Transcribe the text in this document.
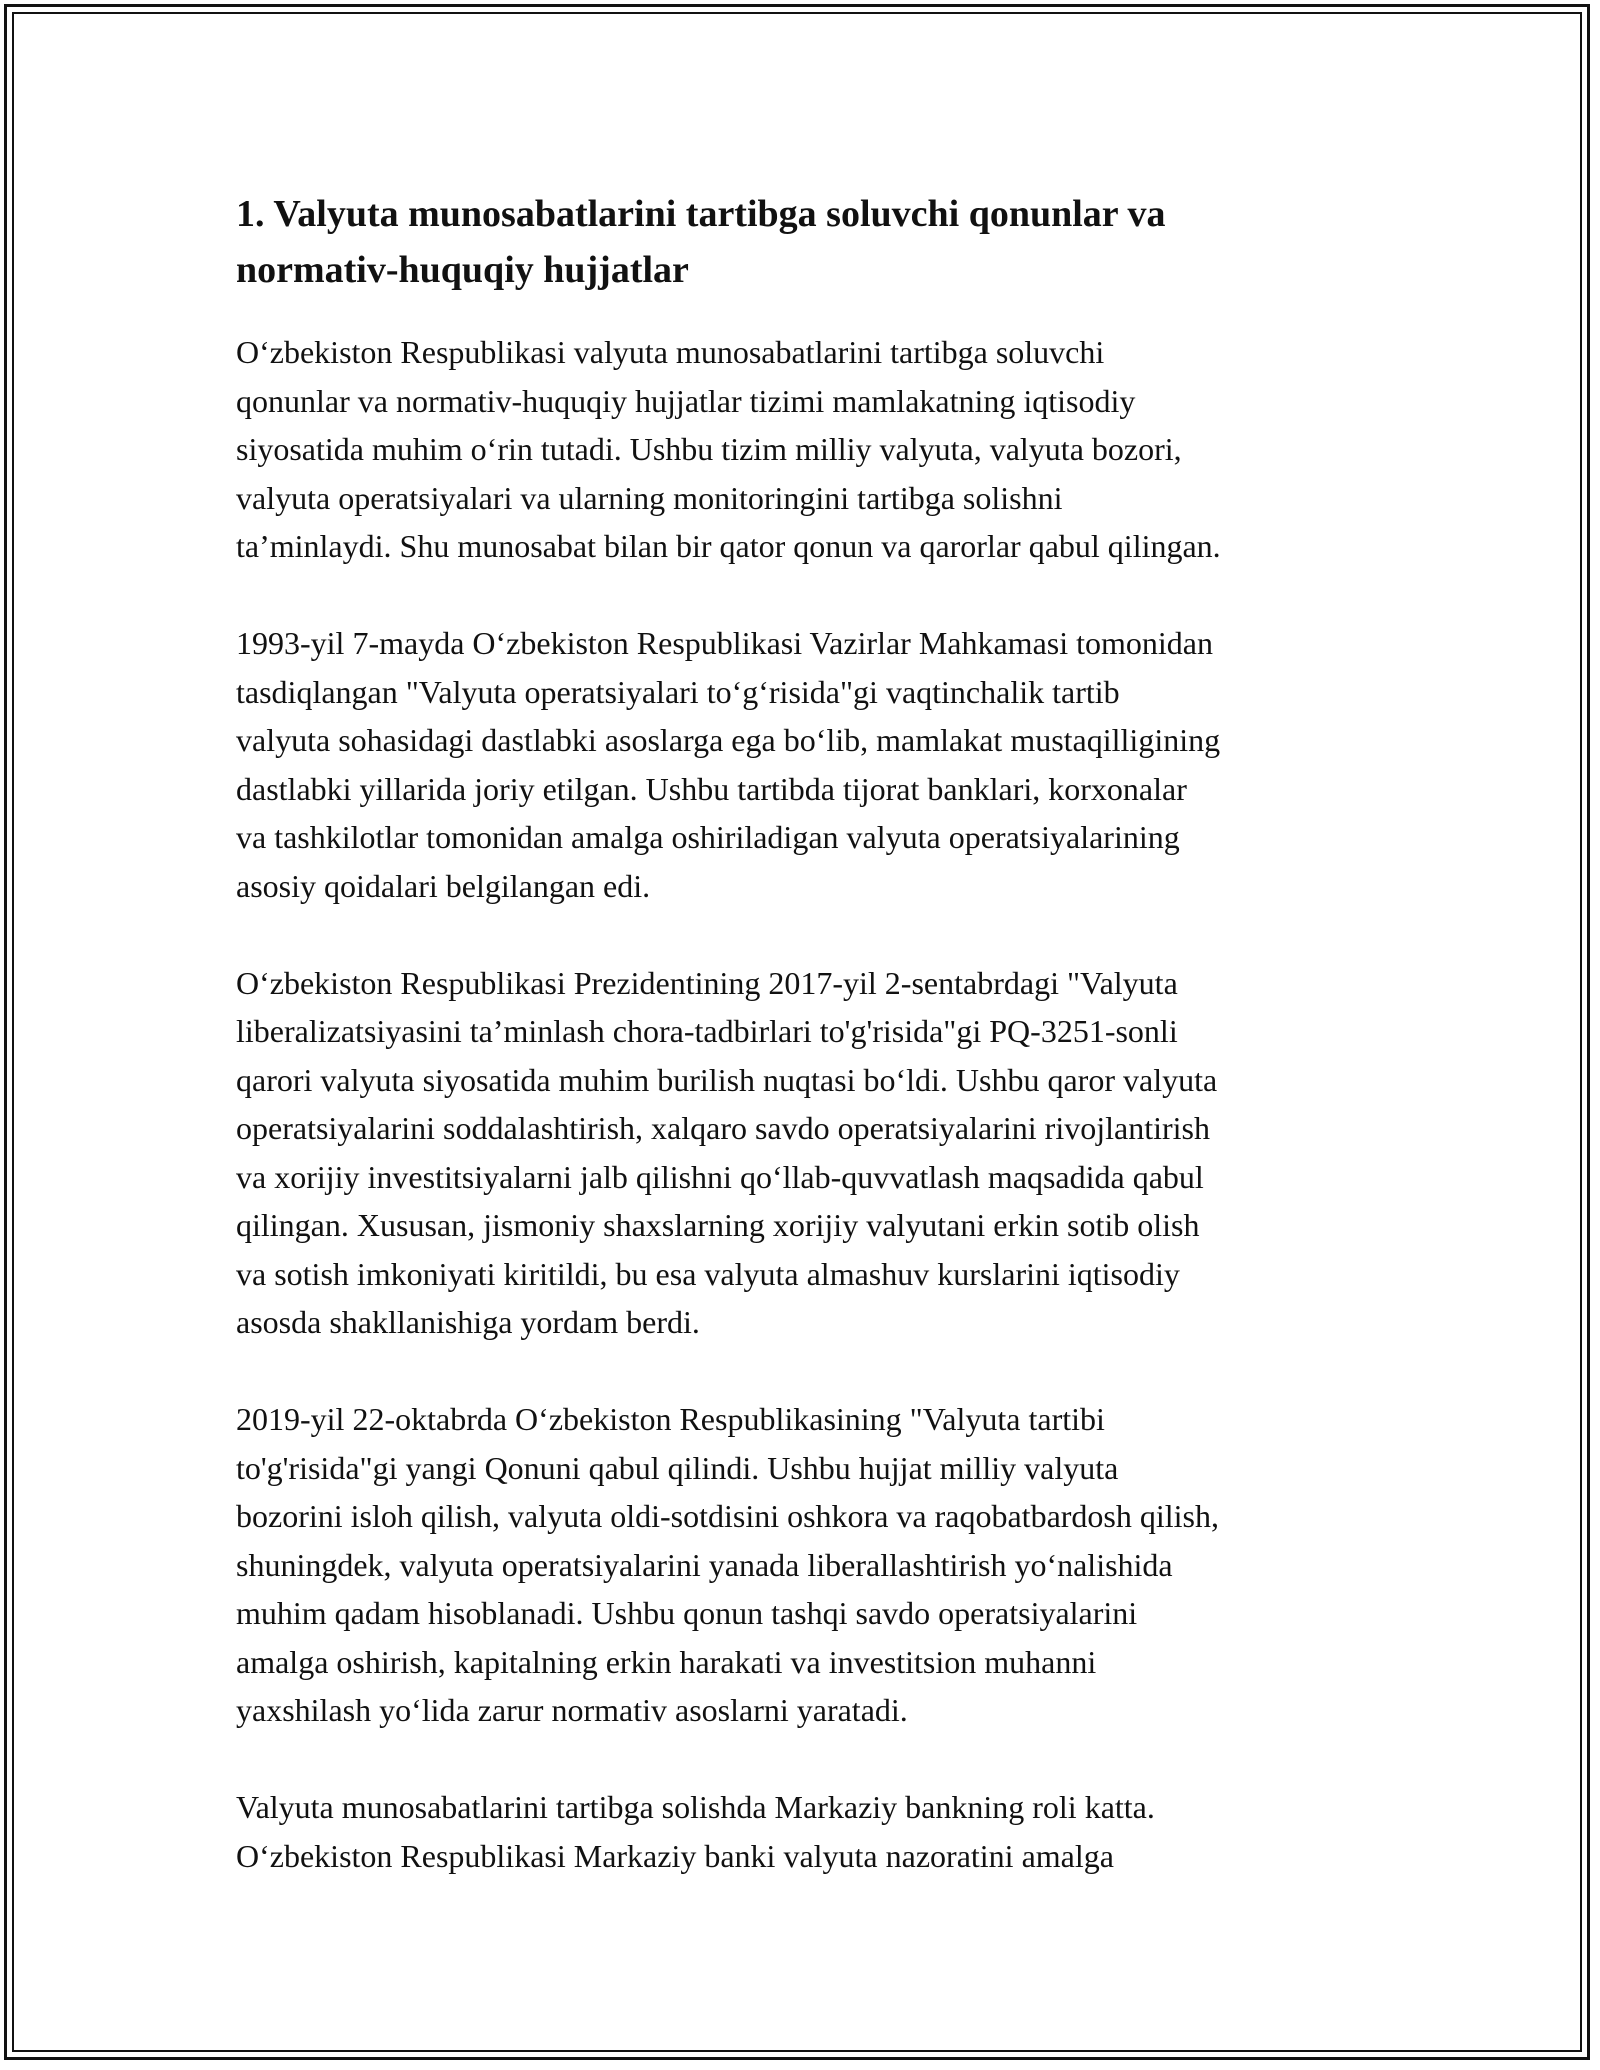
1. Valyuta munosabatlarini tartibga soluvchi qonunlar va
normativ-huquqiy hujjatlar

O‘zbekiston Respublikasi valyuta munosabatlarini tartibga soluvchi
qonunlar va normativ-huquqiy hujjatlar tizimi mamlakatning iqtisodiy
siyosatida muhim o‘rin tutadi. Ushbu tizim milliy valyuta, valyuta bozori,
valyuta operatsiyalari va ularning monitoringini tartibga solishni
ta’minlaydi. Shu munosabat bilan bir qator qonun va qarorlar qabul qilingan.

1993-yil 7-mayda O‘zbekiston Respublikasi Vazirlar Mahkamasi tomonidan
tasdiqlangan "Valyuta operatsiyalari to‘g‘risida"gi vaqtinchalik tartib
valyuta sohasidagi dastlabki asoslarga ega bo‘lib, mamlakat mustaqilligining
dastlabki yillarida joriy etilgan. Ushbu tartibda tijorat banklari, korxonalar
va tashkilotlar tomonidan amalga oshiriladigan valyuta operatsiyalarining
asosiy qoidalari belgilangan edi.

O‘zbekiston Respublikasi Prezidentining 2017-yil 2-sentabrdagi "Valyuta
liberalizatsiyasini ta’minlash chora-tadbirlari to'g'risida"gi PQ-3251-sonli
qarori valyuta siyosatida muhim burilish nuqtasi bo‘ldi. Ushbu qaror valyuta
operatsiyalarini soddalashtirish, xalqaro savdo operatsiyalarini rivojlantirish
va xorijiy investitsiyalarni jalb qilishni qo‘llab-quvvatlash maqsadida qabul
qilingan. Xususan, jismoniy shaxslarning xorijiy valyutani erkin sotib olish
va sotish imkoniyati kiritildi, bu esa valyuta almashuv kurslarini iqtisodiy
asosda shakllanishiga yordam berdi.

2019-yil 22-oktabrda O‘zbekiston Respublikasining "Valyuta tartibi
to'g'risida"gi yangi Qonuni qabul qilindi. Ushbu hujjat milliy valyuta
bozorini isloh qilish, valyuta oldi-sotdisini oshkora va raqobatbardosh qilish,
shuningdek, valyuta operatsiyalarini yanada liberallashtirish yo‘nalishida
muhim qadam hisoblanadi. Ushbu qonun tashqi savdo operatsiyalarini
amalga oshirish, kapitalning erkin harakati va investitsion muhanni
yaxshilash yo‘lida zarur normativ asoslarni yaratadi.

Valyuta munosabatlarini tartibga solishda Markaziy bankning roli katta.
O‘zbekiston Respublikasi Markaziy banki valyuta nazoratini amalga
